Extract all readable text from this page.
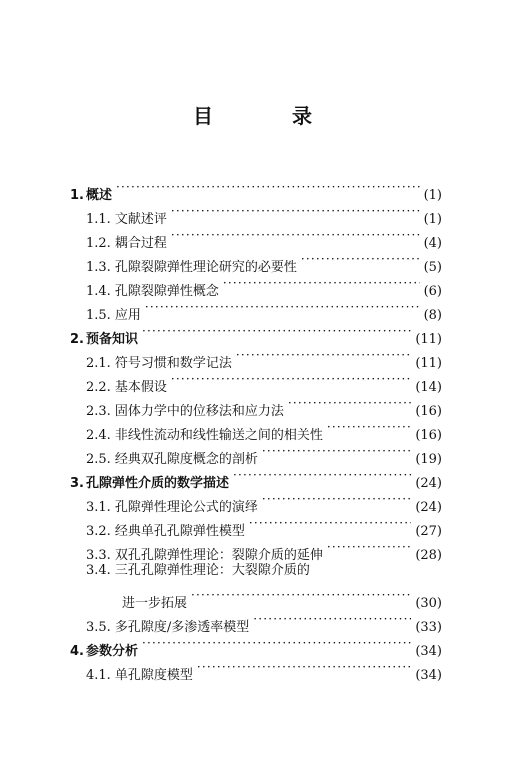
目 录
1. 概述 ·····	(1)
1.1. 文献述评 ·····	(1)
1.2. 耦合过程 ·····	(4)
1.3. 孔隙裂隙弹性理论研究的必要性 ·····	(5)
1.4. 孔隙裂隙弹性概念 ·····	(6)
1.5. 应用 ·····	(8)
2. 预备知识 ·····	(11)
2.1. 符号习惯和数学记法 ·····	(11)
2.2. 基本假设 ·····	(14)
2.3. 固体力学中的位移法和应力法 ·····	(16)
2.4. 非线性流动和线性输送之间的相关性 ·····	(16)
2.5. 经典双孔隙度概念的剖析 ·····	(19)
3. 孔隙弹性介质的数学描述 ·····	(24)
3.1. 孔隙弹性理论公式的演绎 ·····	(24)
3.2. 经典单孔孔隙弹性模型 ·····	(27)
3.3. 双孔孔隙弹性理论：裂隙介质的延伸 ·····	(28)
3.4. 三孔孔隙弹性理论：大裂隙介质的
进一步拓展 ·····	(30)
3.5. 多孔隙度/多渗透率模型 ·····	(33)
4. 参数分析 ·····	(34)
4.1. 单孔隙度模型 ·····	(34)
